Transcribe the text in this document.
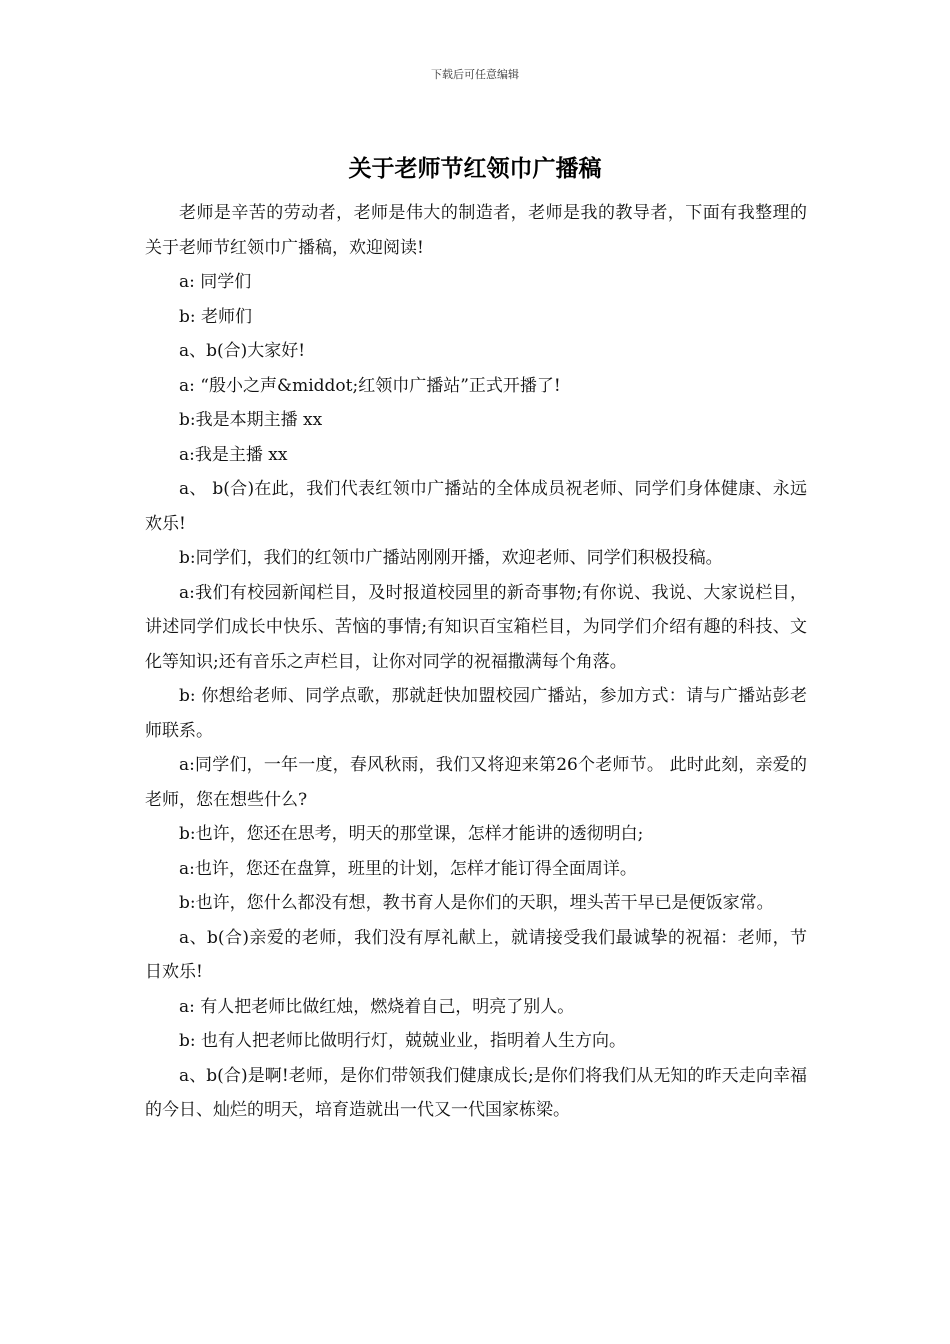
下载后可任意编辑
关于老师节红领巾广播稿

老师是辛苦的劳动者，老师是伟大的制造者，老师是我的教导者，下面有我整理的关于老师节红领巾广播稿，欢迎阅读!

a: 同学们

b: 老师们

a、b(合)大家好!

a: “殷小之声&middot;红领巾广播站”正式开播了!

b:我是本期主播 xx

a:我是主播 xx

a、 b(合)在此，我们代表红领巾广播站的全体成员祝老师、同学们身体健康、永远欢乐!

b:同学们，我们的红领巾广播站刚刚开播，欢迎老师、同学们积极投稿。

a:我们有校园新闻栏目，及时报道校园里的新奇事物;有你说、我说、大家说栏目，讲述同学们成长中快乐、苦恼的事情;有知识百宝箱栏目，为同学们介绍有趣的科技、文化等知识;还有音乐之声栏目，让你对同学的祝福撒满每个角落。

b: 你想给老师、同学点歌，那就赶快加盟校园广播站，参加方式：请与广播站彭老师联系。

a:同学们，一年一度，春风秋雨，我们又将迎来第26个老师节。 此时此刻，亲爱的老师，您在想些什么?

b:也许，您还在思考，明天的那堂课，怎样才能讲的透彻明白;

a:也许，您还在盘算，班里的计划，怎样才能订得全面周详。

b:也许，您什么都没有想，教书育人是你们的天职，埋头苦干早已是便饭家常。

a、b(合)亲爱的老师，我们没有厚礼献上，就请接受我们最诚挚的祝福：老师，节日欢乐!

a: 有人把老师比做红烛，燃烧着自己，明亮了别人。

b: 也有人把老师比做明行灯，兢兢业业，指明着人生方向。

a、b(合)是啊!老师，是你们带领我们健康成长;是你们将我们从无知的昨天走向幸福的今日、灿烂的明天，培育造就出一代又一代国家栋梁。
